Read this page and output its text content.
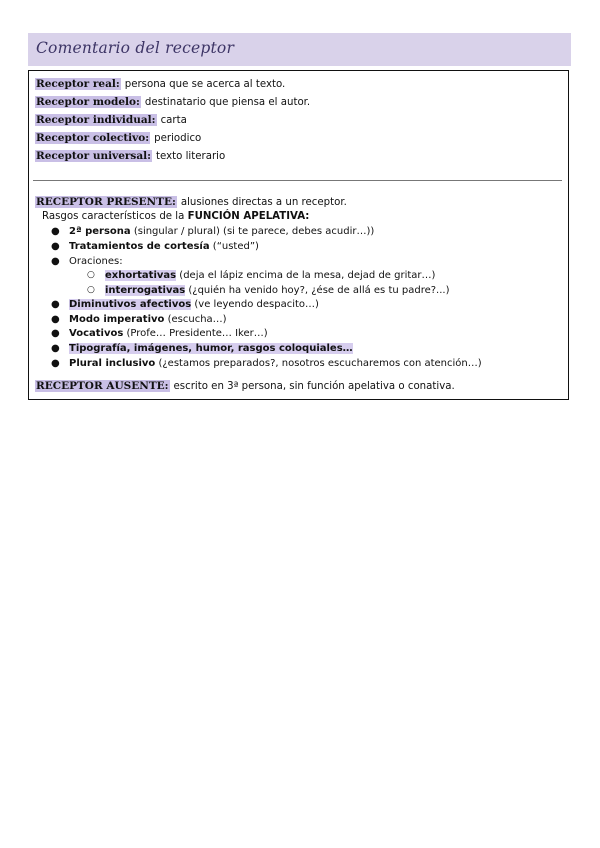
Comentario del receptor
Receptor real: persona que se acerca al texto.
Receptor modelo: destinatario que piensa el autor.
Receptor individual: carta
Receptor colectivo: periodico
Receptor universal: texto literario
RECEPTOR PRESENTE: alusiones directas a un receptor.
Rasgos característicos de la FUNCIÓN APELATIVA:
● 2ª persona (singular / plural) (si te parece, debes acudir…))
● Tratamientos de cortesía (“usted”)
● Oraciones:
○ exhortativas (deja el lápiz encima de la mesa, dejad de gritar…)
○ interrogativas (¿quién ha venido hoy?, ¿ése de allá es tu padre?...)
● Diminutivos afectivos (ve leyendo despacito…)
● Modo imperativo (escucha…)
● Vocativos (Profe… Presidente… Iker…)
● Tipografía, imágenes, humor, rasgos coloquiales…
● Plural inclusivo (¿estamos preparados?, nosotros escucharemos con atención…)
RECEPTOR AUSENTE: escrito en 3ª persona, sin función apelativa o conativa.
